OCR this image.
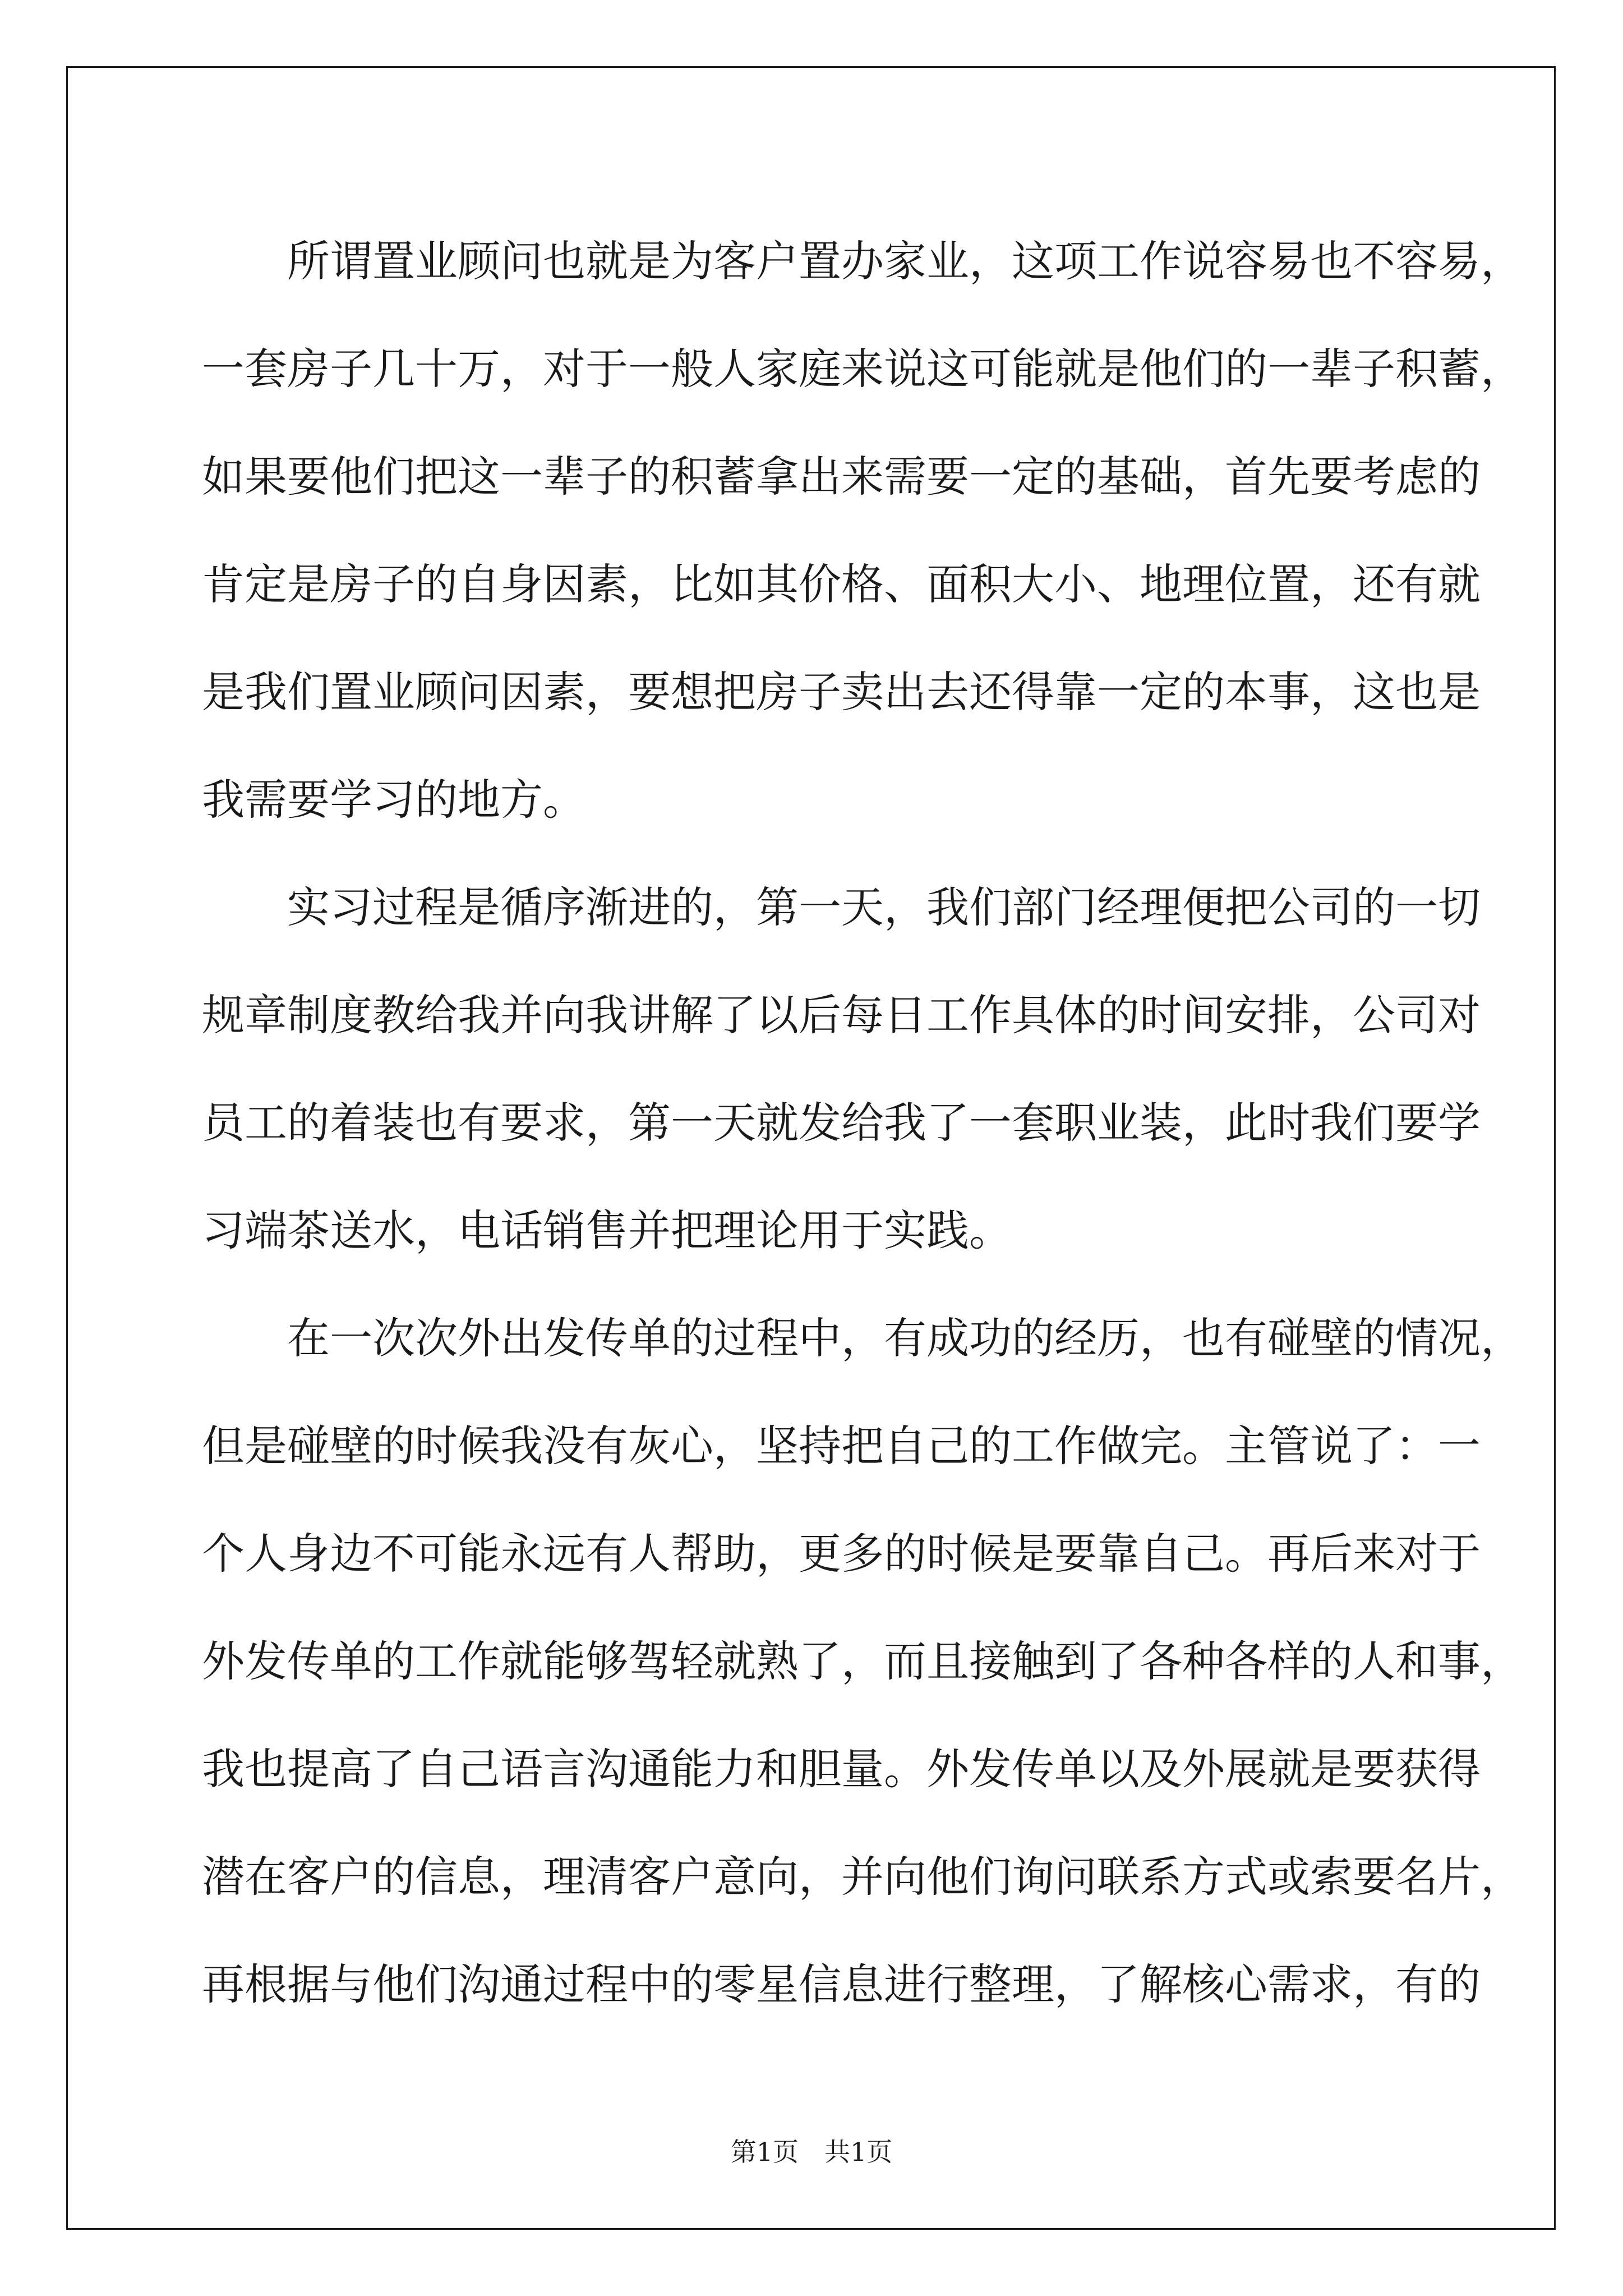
所谓置业顾问也就是为客户置办家业，这项工作说容易也不容易，
一套房子几十万，对于一般人家庭来说这可能就是他们的一辈子积蓄，
如果要他们把这一辈子的积蓄拿出来需要一定的基础，首先要考虑的
肯定是房子的自身因素，比如其价格、面积大小、地理位置，还有就
是我们置业顾问因素，要想把房子卖出去还得靠一定的本事，这也是
我需要学习的地方。
实习过程是循序渐进的，第一天，我们部门经理便把公司的一切
规章制度教给我并向我讲解了以后每日工作具体的时间安排，公司对
员工的着装也有要求，第一天就发给我了一套职业装，此时我们要学
习端茶送水，电话销售并把理论用于实践。
在一次次外出发传单的过程中，有成功的经历，也有碰壁的情况，
但是碰壁的时候我没有灰心，坚持把自己的工作做完。主管说了：一
个人身边不可能永远有人帮助，更多的时候是要靠自己。再后来对于
外发传单的工作就能够驾轻就熟了，而且接触到了各种各样的人和事，
我也提高了自己语言沟通能力和胆量。外发传单以及外展就是要获得
潜在客户的信息，理清客户意向，并向他们询问联系方式或索要名片，
再根据与他们沟通过程中的零星信息进行整理，了解核心需求，有的
第1页 共1页
